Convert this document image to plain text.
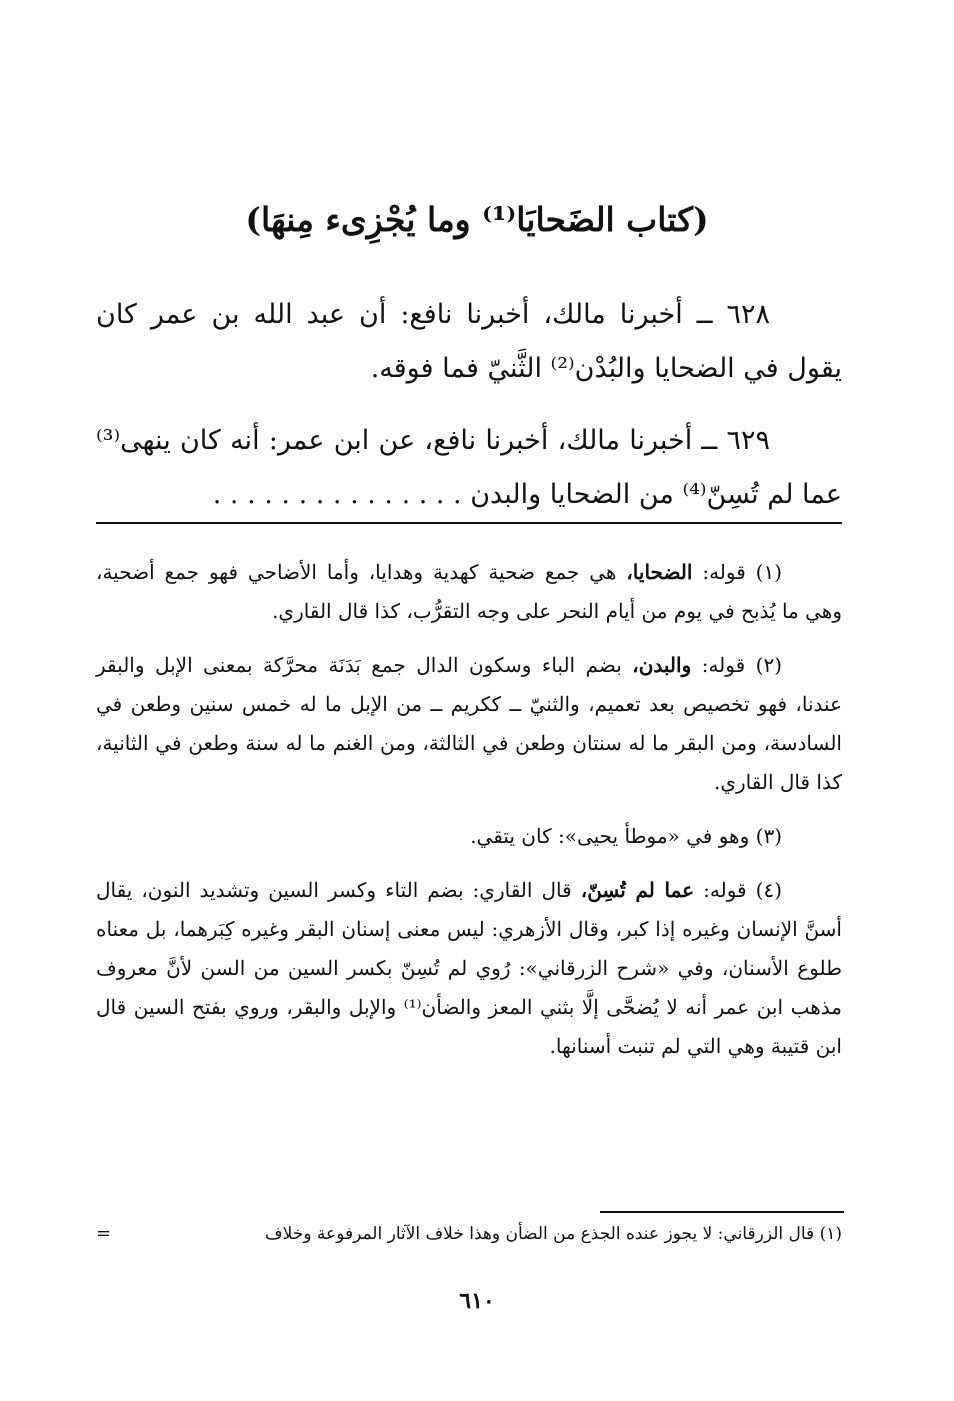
(كتاب الضَحايَا⁽¹⁾ وما يُجْزِىء مِنهَا)

٦٢٨ ــ أخبرنا مالك، أخبرنا نافع: أن عبد الله بن عمر كان يقول في الضحايا والبُدْن⁽²⁾ الثَّنيّ فما فوقه.

٦٢٩ ــ أخبرنا مالك، أخبرنا نافع، عن ابن عمر: أنه كان ينهى⁽³⁾ عما لم تُسِنّ⁽⁴⁾ من الضحايا والبدن . . . . . . . . . . . . . . .

(١) قوله: الضحايا، هي جمع ضحية كهدية وهدايا، وأما الأضاحي فهو جمع أضحية، وهي ما يُذبح في يوم من أيام النحر على وجه التقرُّب، كذا قال القاري.

(٢) قوله: والبدن، بضم الباء وسكون الدال جمع بَدَنَة محرَّكة بمعنى الإبل والبقر عندنا، فهو تخصيص بعد تعميم، والثنيّ ــ ككريم ــ من الإبل ما له خمس سنين وطعن في السادسة، ومن البقر ما له سنتان وطعن في الثالثة، ومن الغنم ما له سنة وطعن في الثانية، كذا قال القاري.

(٣) وهو في «موطأ يحيى»: كان يتقي.

(٤) قوله: عما لم تُسِنّ، قال القاري: بضم التاء وكسر السين وتشديد النون، يقال أسنَّ الإنسان وغيره إذا كبر، وقال الأزهري: ليس معنى إسنان البقر وغيره كِبَرهما، بل معناه طلوع الأسنان، وفي «شرح الزرقاني»: رُوي لم تُسِنّ بكسر السين من السن لأنَّ معروف مذهب ابن عمر أنه لا يُضحَّى إلَّا بثني المعز والضأن⁽¹⁾ والإبل والبقر، وروي بفتح السين قال ابن قتيبة وهي التي لم تنبت أسنانها.

=	(١) قال الزرقاني: لا يجوز عنده الجذع من الضأن وهذا خلاف الآثار المرفوعة وخلاف
٦١٠
